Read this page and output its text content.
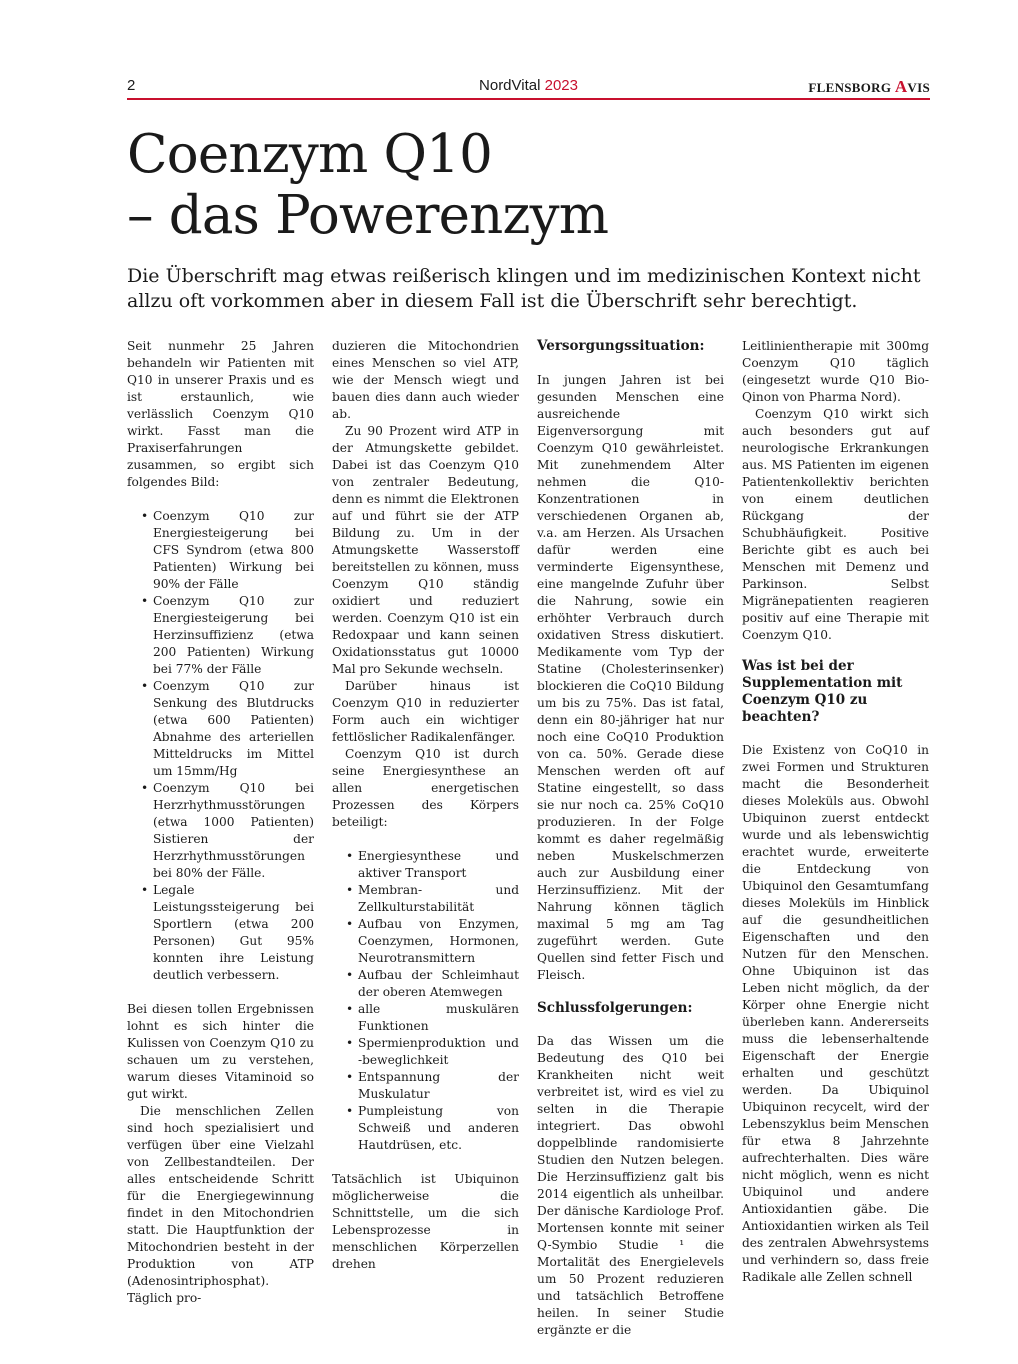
2	NordVital 2023	FLENSBORG AVIS
Coenzym Q10
– das Powerenzym

Die Überschrift mag etwas reißerisch klingen und im medizinischen Kontext nicht allzu oft vorkommen aber in diesem Fall ist die Überschrift sehr berechtigt.

Seit nunmehr 25 Jahren behandeln wir Patienten mit Q10 in unserer Praxis und es ist erstaunlich, wie verlässlich Coenzym Q10 wirkt. Fasst man die Praxiserfahrungen zusammen, so ergibt sich folgendes Bild:

• Coenzym Q10 zur Energiesteigerung bei CFS Syndrom (etwa 800 Patienten) Wirkung bei 90% der Fälle
• Coenzym Q10 zur Energiesteigerung bei Herzinsuffizienz (etwa 200 Patienten) Wirkung bei 77% der Fälle
• Coenzym Q10 zur Senkung des Blutdrucks (etwa 600 Patienten) Abnahme des arteriellen Mitteldrucks im Mittel um 15mm/Hg
• Coenzym Q10 bei Herzrhythmusstörungen (etwa 1000 Patienten) Sistieren der Herzrhythmusstörungen bei 80% der Fälle.
• Legale Leistungssteigerung bei Sportlern (etwa 200 Personen) Gut 95% konnten ihre Leistung deutlich verbessern.

Bei diesen tollen Ergebnissen lohnt es sich hinter die Kulissen von Coenzym Q10 zu schauen um zu verstehen, warum dieses Vitaminoid so gut wirkt.

Die menschlichen Zellen sind hoch spezialisiert und verfügen über eine Vielzahl von Zellbestandteilen. Der alles entscheidende Schritt für die Energiegewinnung findet in den Mitochondrien statt. Die Hauptfunktion der Mitochondrien besteht in der Produktion von ATP (Adenosintriphosphat). Täglich pro-

duzieren die Mitochondrien eines Menschen so viel ATP, wie der Mensch wiegt und bauen dies dann auch wieder ab.

Zu 90 Prozent wird ATP in der Atmungskette gebildet. Dabei ist das Coenzym Q10 von zentraler Bedeutung, denn es nimmt die Elektronen auf und führt sie der ATP Bildung zu. Um in der Atmungskette Wasserstoff bereitstellen zu können, muss Coenzym Q10 ständig oxidiert und reduziert werden. Coenzym Q10 ist ein Redoxpaar und kann seinen Oxidationsstatus gut 10000 Mal pro Sekunde wechseln.

Darüber hinaus ist Coenzym Q10 in reduzierter Form auch ein wichtiger fettlöslicher Radikalenfänger.

Coenzym Q10 ist durch seine Energiesynthese an allen energetischen Prozessen des Körpers beteiligt:

• Energiesynthese und aktiver Transport
• Membran- und Zellkulturstabilität
• Aufbau von Enzymen, Coenzymen, Hormonen, Neurotransmittern
• Aufbau der Schleimhaut der oberen Atemwegen
• alle muskulären Funktionen
• Spermienproduktion und -beweglichkeit
• Entspannung der Muskulatur
• Pumpleistung von Schweiß und anderen Hautdrüsen, etc.

Tatsächlich ist Ubiquinon möglicherweise die Schnittstelle, um die sich Lebensprozesse in menschlichen Körperzellen drehen

Versorgungssituation:

In jungen Jahren ist bei gesunden Menschen eine ausreichende Eigenversorgung mit Coenzym Q10 gewährleistet. Mit zunehmendem Alter nehmen die Q10-Konzentrationen in verschiedenen Organen ab, v.a. am Herzen. Als Ursachen dafür werden eine verminderte Eigensynthese, eine mangelnde Zufuhr über die Nahrung, sowie ein erhöhter Verbrauch durch oxidativen Stress diskutiert. Medikamente vom Typ der Statine (Cholesterinsenker) blockieren die CoQ10 Bildung um bis zu 75%. Das ist fatal, denn ein 80-jähriger hat nur noch eine CoQ10 Produktion von ca. 50%. Gerade diese Menschen werden oft auf Statine eingestellt, so dass sie nur noch ca. 25% CoQ10 produzieren. In der Folge kommt es daher regelmäßig neben Muskelschmerzen auch zur Ausbildung einer Herzinsuffizienz. Mit der Nahrung können täglich maximal 5 mg am Tag zugeführt werden. Gute Quellen sind fetter Fisch und Fleisch.

Schlussfolgerungen:

Da das Wissen um die Bedeutung des Q10 bei Krankheiten nicht weit verbreitet ist, wird es viel zu selten in die Therapie integriert. Das obwohl doppelblinde randomisierte Studien den Nutzen belegen. Die Herzinsuffizienz galt bis 2014 eigentlich als unheilbar. Der dänische Kardiologe Prof. Mortensen konnte mit seiner Q-Symbio Studie ¹ die Mortalität des Energielevels um 50 Prozent reduzieren und tatsächlich Betroffene heilen. In seiner Studie ergänzte er die

Leitlinientherapie mit 300mg Coenzym Q10 täglich (eingesetzt wurde Q10 Bio-Qinon von Pharma Nord).

Coenzym Q10 wirkt sich auch besonders gut auf neurologische Erkrankungen aus. MS Patienten im eigenen Patientenkollektiv berichten von einem deutlichen Rückgang der Schubhäufigkeit. Positive Berichte gibt es auch bei Menschen mit Demenz und Parkinson. Selbst Migränepatienten reagieren positiv auf eine Therapie mit Coenzym Q10.

Was ist bei der Supplementation mit Coenzym Q10 zu beachten?

Die Existenz von CoQ10 in zwei Formen und Strukturen macht die Besonderheit dieses Moleküls aus. Obwohl Ubiquinon zuerst entdeckt wurde und als lebenswichtig erachtet wurde, erweiterte die Entdeckung von Ubiquinol den Gesamtumfang dieses Moleküls im Hinblick auf die gesundheitlichen Eigenschaften und den Nutzen für den Menschen. Ohne Ubiquinon ist das Leben nicht möglich, da der Körper ohne Energie nicht überleben kann. Andererseits muss die lebenserhaltende Eigenschaft der Energie erhalten und geschützt werden. Da Ubiquinol Ubiquinon recycelt, wird der Lebenszyklus beim Menschen für etwa 8 Jahrzehnte aufrechterhalten. Dies wäre nicht möglich, wenn es nicht Ubiquinol und andere Antioxidantien gäbe. Die Antioxidantien wirken als Teil des zentralen Abwehrsystems und verhindern so, dass freie Radikale alle Zellen schnell
